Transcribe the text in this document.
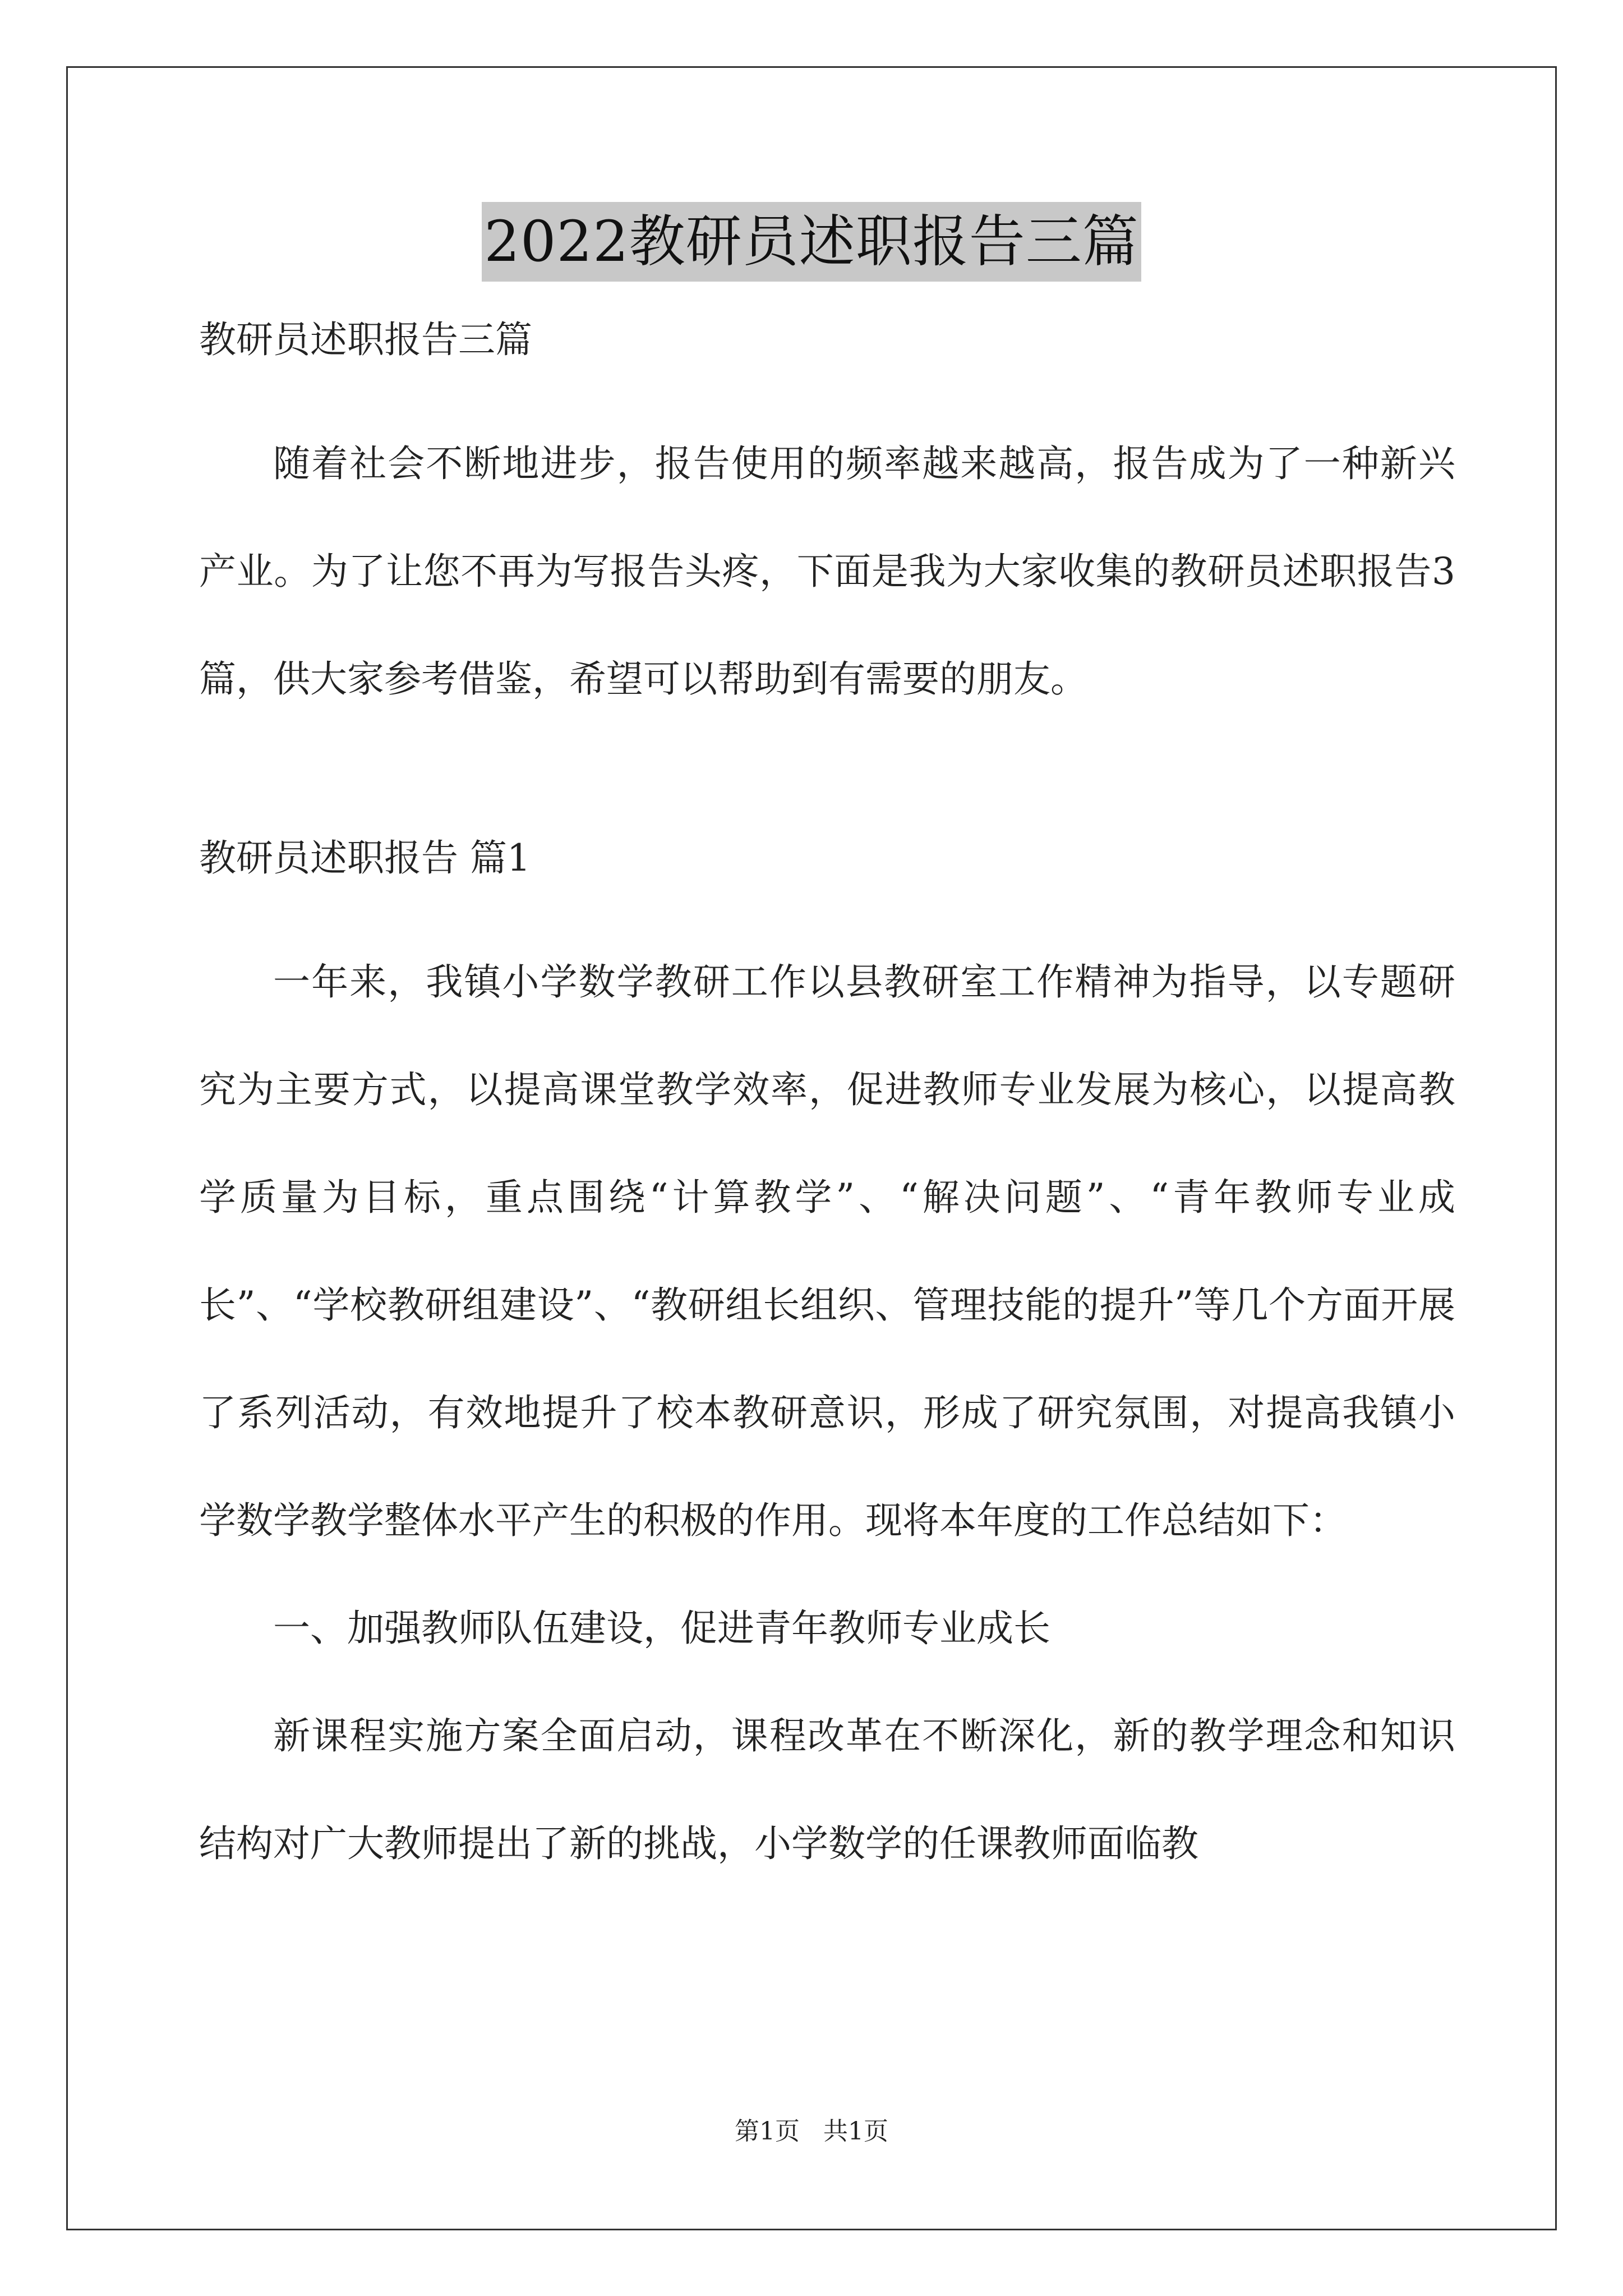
2022教研员述职报告三篇
教研员述职报告三篇

随着社会不断地进步，报告使用的频率越来越高，报告成为了一种新兴产业。为了让您不再为写报告头疼，下面是我为大家收集的教研员述职报告3篇，供大家参考借鉴，希望可以帮助到有需要的朋友。

教研员述职报告 篇1

一年来，我镇小学数学教研工作以县教研室工作精神为指导，以专题研究为主要方式，以提高课堂教学效率，促进教师专业发展为核心，以提高教学质量为目标，重点围绕“计算教学”、“解决问题”、“青年教师专业成长”、“学校教研组建设”、“教研组长组织、管理技能的提升”等几个方面开展了系列活动，有效地提升了校本教研意识，形成了研究氛围，对提高我镇小学数学教学整体水平产生的积极的作用。现将本年度的工作总结如下：

一、加强教师队伍建设，促进青年教师专业成长

新课程实施方案全面启动，课程改革在不断深化，新的教学理念和知识结构对广大教师提出了新的挑战，小学数学的任课教师面临教

第1页 共1页
